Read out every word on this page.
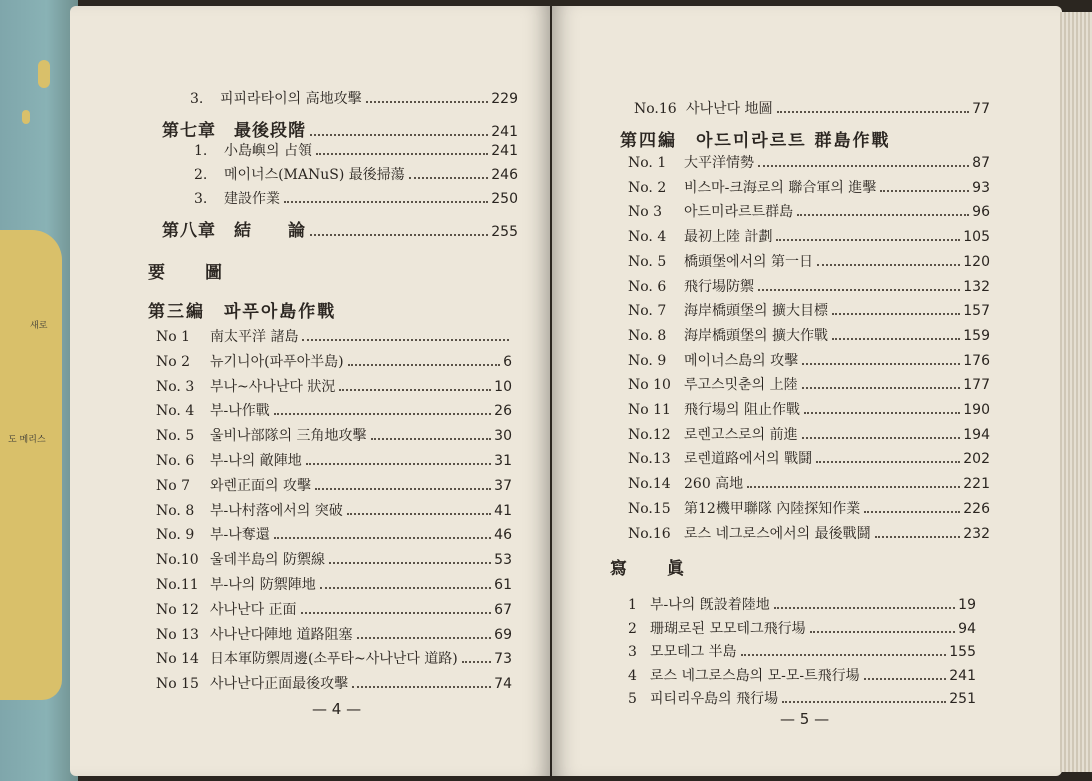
새로
도 메리스
3.	피피라타이의 高地攻擊	229
第七章	最後段階	241
1.	小島嶼의 占領	241
2.	메이너스(MANuS) 最後掃蕩	246
3.	建設作業	250
第八章	結　　論	255
No 1	南太平洋 諸島
No 2	뉴기니아(파푸아半島)	6
No. 3	부나~사나난다 狀況	10
No. 4	부-나作戰	26
No. 5	울비나部隊의 三角地攻擊	30
No. 6	부-나의 敵陣地	31
No 7	와렌正面의 攻擊	37
No. 8	부-나村落에서의 突破	41
No. 9	부-나奪還	46
No.10 울데半島의 防禦線	53
No.11 부-나의 防禦陣地	61
No 12 사나난다 正面	67
No 13 사나난다陣地 道路阻塞	69
No 14 日本軍防禦周邊(소푸타~사나난다 道路)	73
No 15 사나난다正面最後攻擊	74
No.16 사나난다 地圖	77
No. 1	大平洋情勢	87
No. 2	비스마-크海로의 聯合軍의 進擊	93
No 3	아드미라르트群島	96
No. 4	最初上陸 計劃	105
No. 5	橋頭堡에서의 第一日	120
No. 6	飛行場防禦	132
No. 7	海岸橋頭堡의 擴大目標	157
No. 8	海岸橋頭堡의 擴大作戰	159
No. 9	메이너스島의 攻擊	176
No 10 루고스밋춘의 上陸	177
No 11 飛行場의 阻止作戰	190
No.12 로렌고스로의 前進	194
No.13 로렌道路에서의 戰鬪	202
No.14 260 高地	221
No.15 第12機甲聯隊 內陸探知作業	226
No.16 로스 네그로스에서의 最後戰鬪	232
1 부-나의 旣設着陸地	19
2 珊瑚로된 모모테그飛行場	94
3 모모테그 半島	155
4 로스 네그로스島의 모-모-트飛行場	241
5 피티리우島의 飛行場	251
要　　圖
第三編　파푸아島作戰
— 4 —
第四編　아드미라르트 群島作戰
寫　　眞
— 5 —
